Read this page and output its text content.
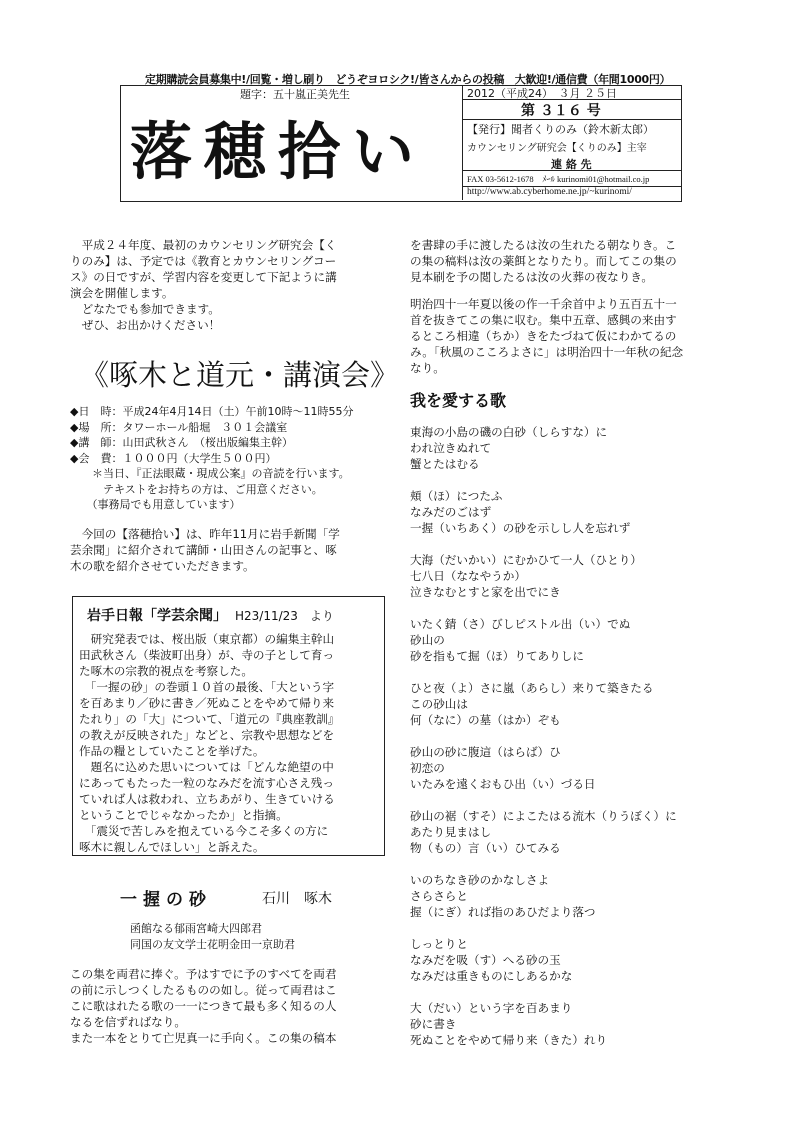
定期購読会員募集中!/回覧・増し刷り　どうぞヨロシク!/皆さんからの投稿　大歓迎!/通信費（年間1000円）
題字：五十嵐正美先生
落穂拾い
2012（平成24）　３月 ２５日
第 ３１６ 号
【発行】聞者くりのみ（鈴木新太郎）
カウンセリング研究会【くりのみ】主宰
連 絡 先
FAX 03-5612-1678　ﾒｰﾙ kurinomi01@hotmail.co.jp
http://www.ab.cyberhome.ne.jp/~kurinomi/
　平成２４年度、最初のカウンセリング研究会【く
りのみ】は、予定では《教育とカウンセリングコー
ス》の日ですが、学習内容を変更して下記ように講
演会を開催します。
　どなたでも参加できます。
　ぜひ、お出かけください！
《啄木と道元・講演会》
◆日　時：平成24年4月14日（土）午前10時～11時55分
◆場　所：タワーホール船堀　３０１会議室
◆講　師：山田武秋さん　（桜出版編集主幹）
◆会　費：１０００円（大学生５００円）
　　＊当日、『正法眼蔵・現成公案』の音読を行います。
　　　テキストをお持ちの方は、ご用意ください。
　　（事務局でも用意しています）
　今回の【落穂拾い】は、昨年11月に岩手新聞「学
芸余聞」に紹介されて講師・山田さんの記事と、啄
木の歌を紹介させていただきます。
岩手日報「学芸余聞」 H23/11/23　より
　研究発表では、桜出版（東京都）の編集主幹山
田武秋さん（柴波町出身）が、寺の子として育っ
た啄木の宗教的視点を考察した。
　「一握の砂」の巻頭１０首の最後、「大という字
を百あまり／砂に書き／死ぬことをやめて帰り来
たれり」の「大」について、「道元の『典座教訓』
の教えが反映された」などと、宗教や思想などを
作品の糧としていたことを挙げた。
　題名に込めた思いについては「どんな絶望の中
にあってもたった一粒のなみだを流す心さえ残っ
ていれば人は救われ、立ちあがり、生きていける
ということでじゃなかったか」と指摘。
　「震災で苦しみを抱えている今こそ多くの方に
啄木に親しんでほしい」と訴えた。
一握の砂	石川　啄木
函館なる郁雨宮崎大四郎君
同国の友文学士花明金田一京助君
この集を両君に捧ぐ。予はすでに予のすべてを両君
の前に示しつくしたるものの如し。従って両君はこ
こに歌はれたる歌の一一につきて最も多く知るの人
なるを信ずればなり。
また一本をとりて亡児真一に手向く。この集の稿本
を書肆の手に渡したるは汝の生れたる朝なりき。こ
の集の稿料は汝の薬餌となりたり。而してこの集の
見本刷を予の閲したるは汝の火葬の夜なりき。
明治四十一年夏以後の作一千余首中より五百五十一
首を抜きてこの集に収む。集中五章、感興の来由す
るところ相違（ちか）きをたづねて仮にわかてるの
み。「秋風のこころよさに」は明治四十一年秋の紀念
なり。
我を愛する歌
東海の小島の磯の白砂（しらすな）に
われ泣きぬれて
蟹とたはむる
頬（ほ）につたふ
なみだのごはず
一握（いちあく）の砂を示しし人を忘れず
大海（だいかい）にむかひて一人（ひとり）
七八日（ななやうか）
泣きなむとすと家を出でにき
いたく錆（さ）びしピストル出（い）でぬ
砂山の
砂を指もて掘（ほ）りてありしに
ひと夜（よ）さに嵐（あらし）来りて築きたる
この砂山は
何（なに）の墓（はか）ぞも
砂山の砂に腹這（はらば）ひ
初恋の
いたみを遠くおもひ出（い）づる日
砂山の裾（すそ）によこたはる流木（りうぼく）に
あたり見まはし
物（もの）言（い）ひてみる
いのちなき砂のかなしさよ
さらさらと
握（にぎ）れば指のあひだより落つ
しっとりと
なみだを吸（す）へる砂の玉
なみだは重きものにしあるかな
大（だい）という字を百あまり
砂に書き
死ぬことをやめて帰り来（きた）れり
